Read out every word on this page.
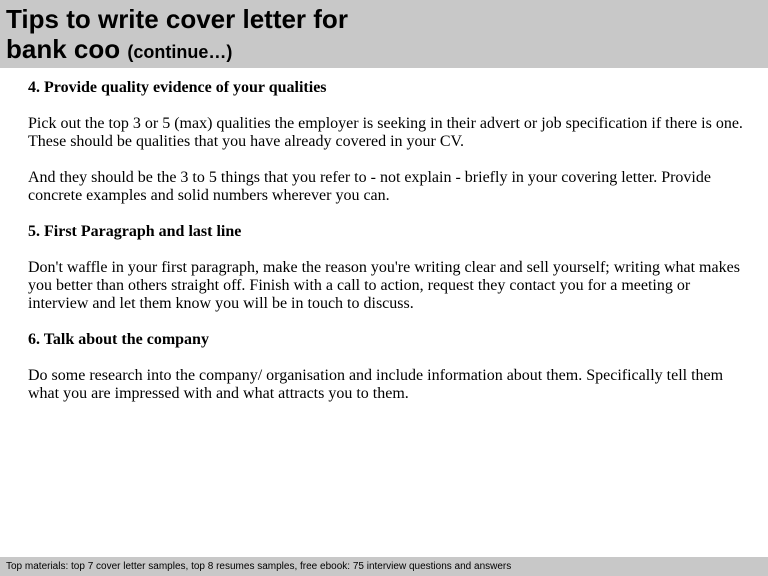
Tips to write cover letter for
bank coo (continue…)
4. Provide quality evidence of your qualities
Pick out the top 3 or 5 (max) qualities the employer is seeking in their advert or job specification if there is one. These should be qualities that you have already covered in your CV.
And they should be the 3 to 5 things that you refer to - not explain - briefly in your covering letter. Provide concrete examples and solid numbers wherever you can.
5. First Paragraph and last line
Don't waffle in your first paragraph, make the reason you're writing clear and sell yourself; writing what makes you better than others straight off. Finish with a call to action, request they contact you for a meeting or interview and let them know you will be in touch to discuss.
6. Talk about the company
Do some research into the company/ organisation and include information about them. Specifically tell them what you are impressed with and what attracts you to them.
Top materials: top 7 cover letter samples, top 8 resumes samples, free ebook: 75 interview questions and answers
